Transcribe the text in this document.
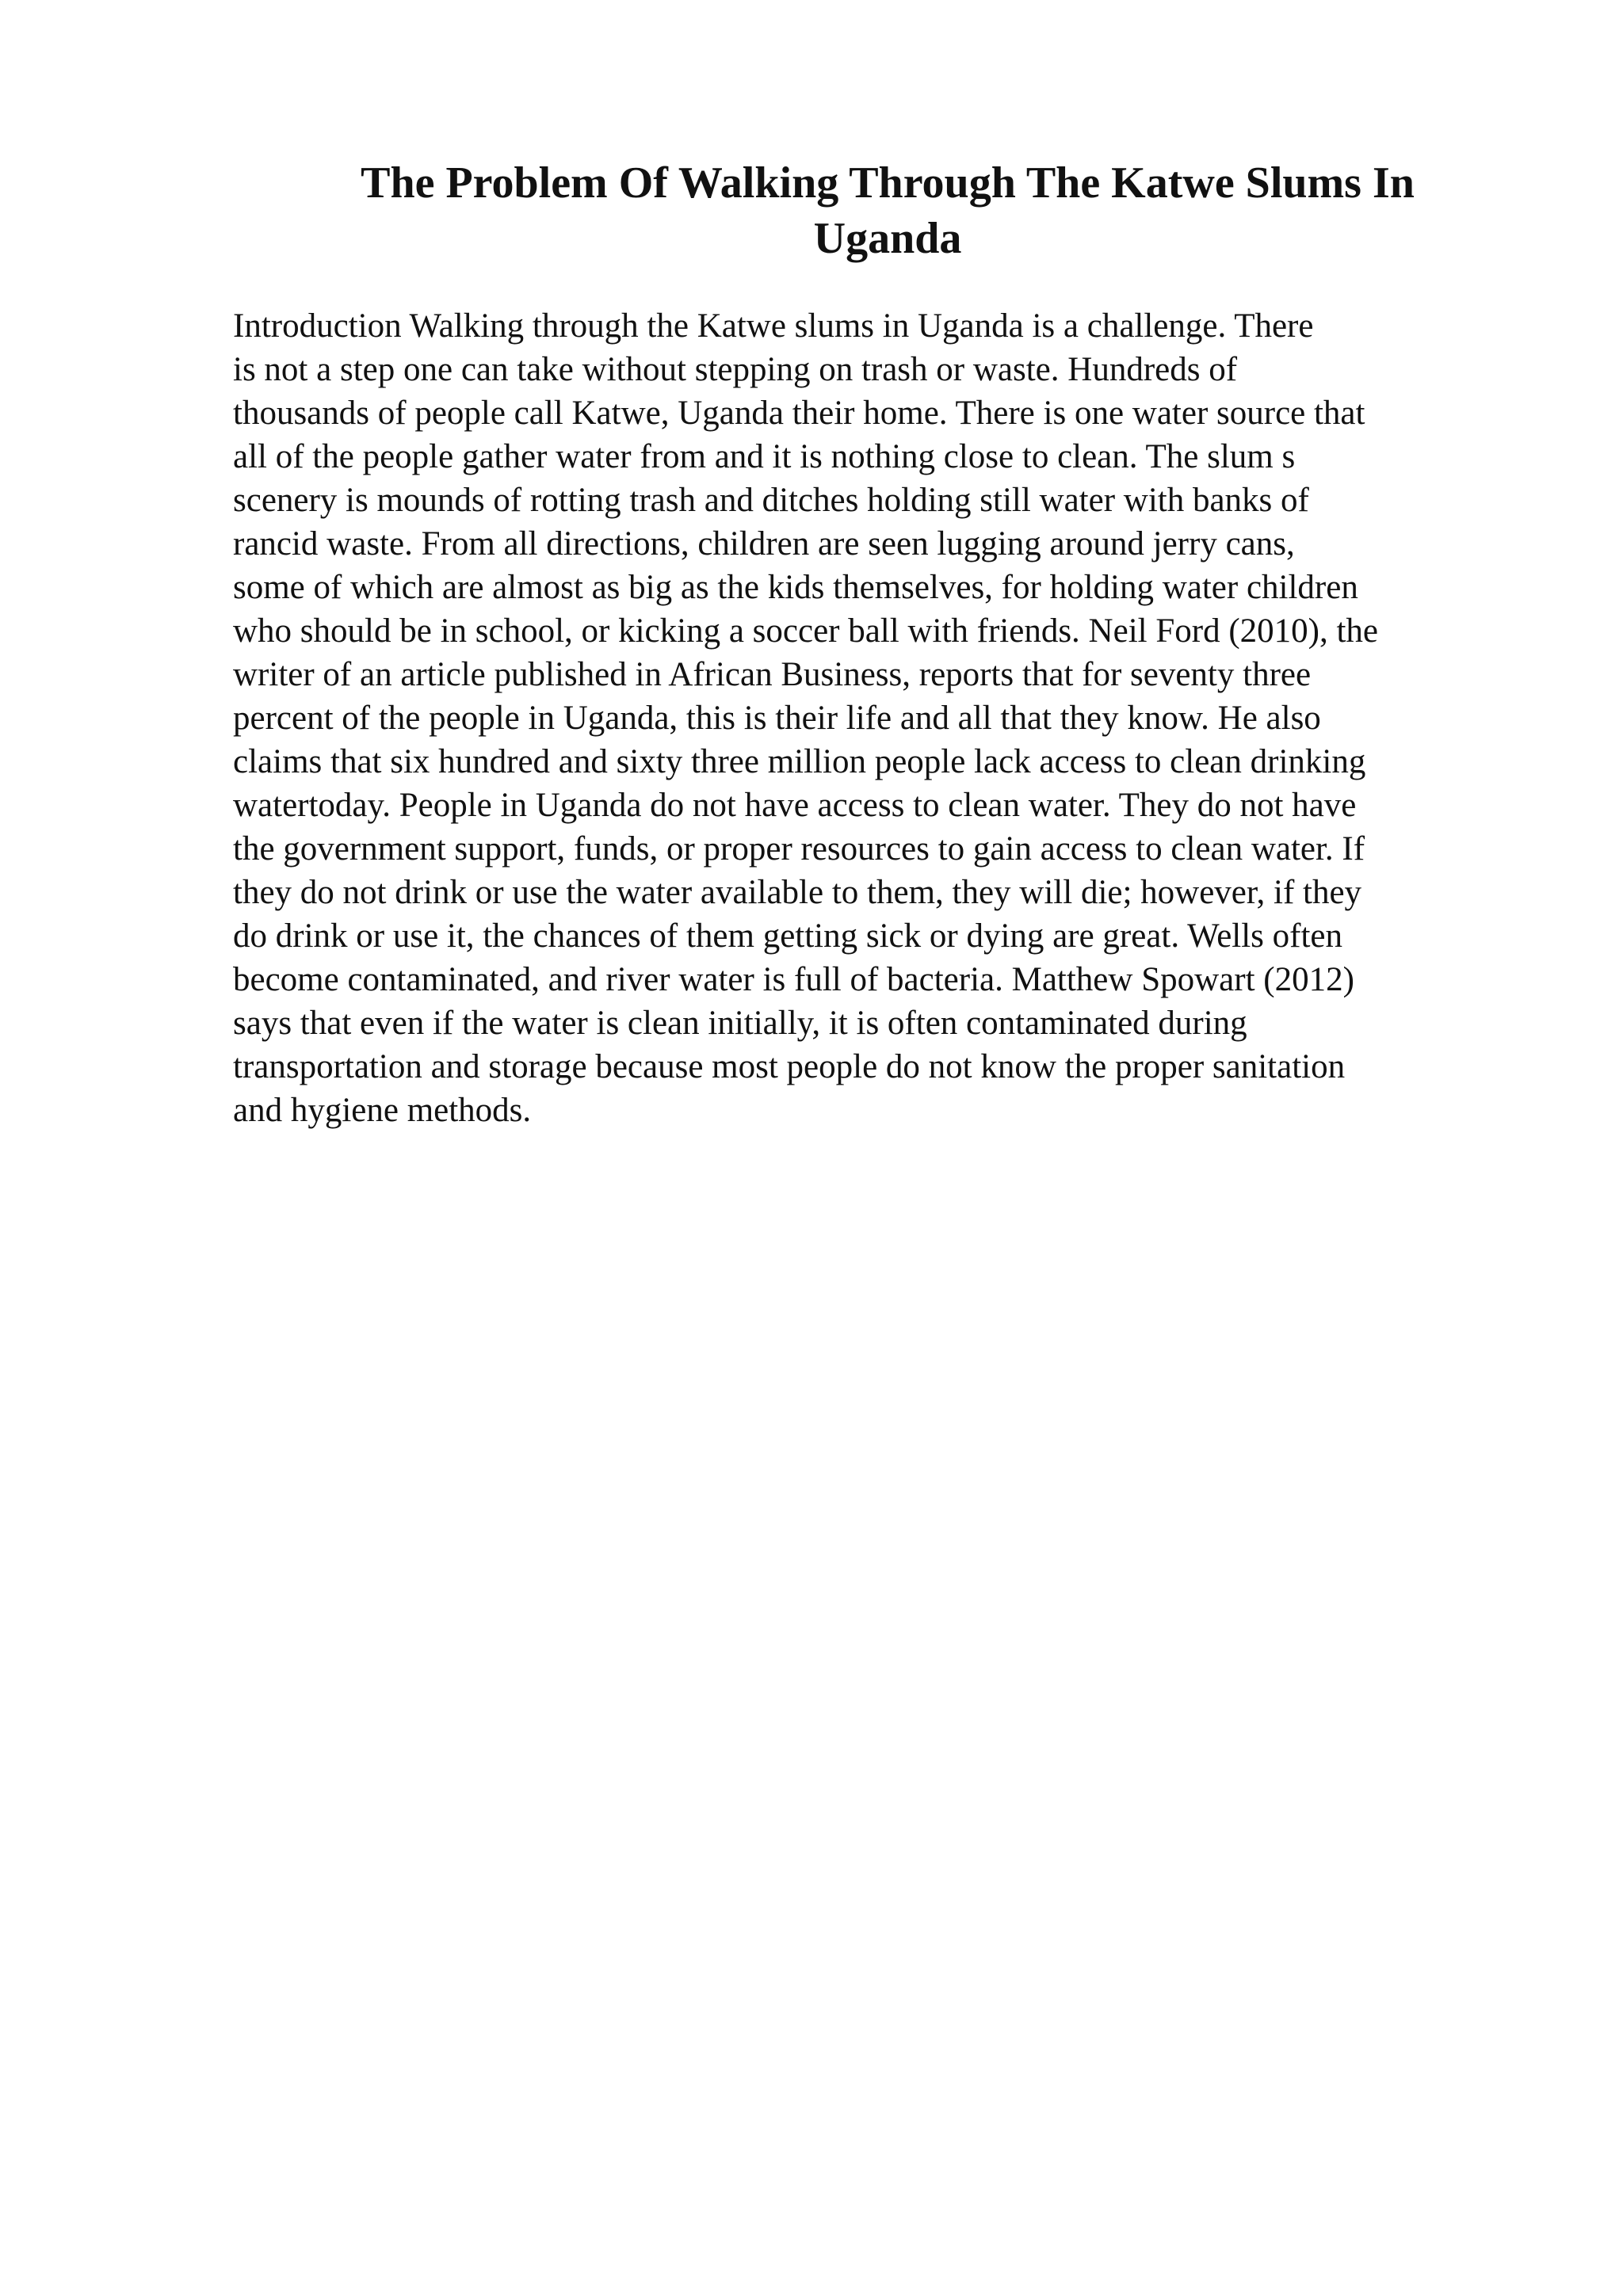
The Problem Of Walking Through The Katwe Slums In
Uganda
Introduction Walking through the Katwe slums in Uganda is a challenge. There
is not a step one can take without stepping on trash or waste. Hundreds of
thousands of people call Katwe, Uganda their home. There is one water source that
all of the people gather water from and it is nothing close to clean. The slum s
scenery is mounds of rotting trash and ditches holding still water with banks of
rancid waste. From all directions, children are seen lugging around jerry cans,
some of which are almost as big as the kids themselves, for holding water children
who should be in school, or kicking a soccer ball with friends. Neil Ford (2010), the
writer of an article published in African Business, reports that for seventy three
percent of the people in Uganda, this is their life and all that they know. He also
claims that six hundred and sixty three million people lack access to clean drinking
watertoday. People in Uganda do not have access to clean water. They do not have
the government support, funds, or proper resources to gain access to clean water. If
they do not drink or use the water available to them, they will die; however, if they
do drink or use it, the chances of them getting sick or dying are great. Wells often
become contaminated, and river water is full of bacteria. Matthew Spowart (2012)
says that even if the water is clean initially, it is often contaminated during
transportation and storage because most people do not know the proper sanitation
and hygiene methods.
